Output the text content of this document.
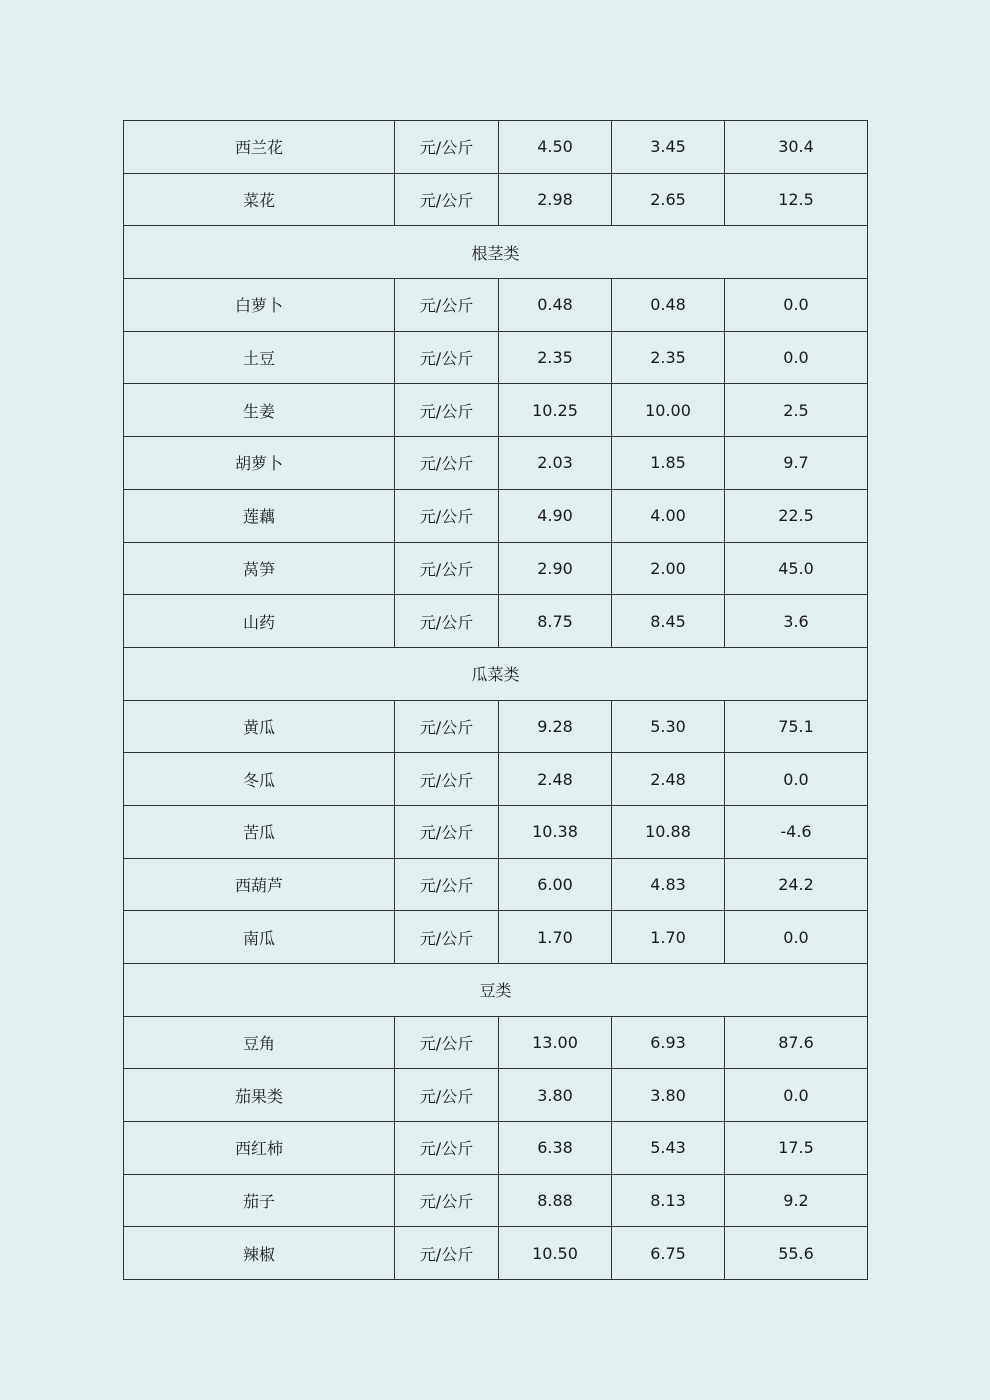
西兰花	元/公斤	4.50	3.45	30.4
菜花	元/公斤	2.98	2.65	12.5
根茎类				
白萝卜	元/公斤	0.48	0.48	0.0
土豆	元/公斤	2.35	2.35	0.0
生姜	元/公斤	10.25	10.00	2.5
胡萝卜	元/公斤	2.03	1.85	9.7
莲藕	元/公斤	4.90	4.00	22.5
莴笋	元/公斤	2.90	2.00	45.0
山药	元/公斤	8.75	8.45	3.6
瓜菜类				
黄瓜	元/公斤	9.28	5.30	75.1
冬瓜	元/公斤	2.48	2.48	0.0
苦瓜	元/公斤	10.38	10.88	-4.6
西葫芦	元/公斤	6.00	4.83	24.2
南瓜	元/公斤	1.70	1.70	0.0
豆类				
豆角	元/公斤	13.00	6.93	87.6
茄果类	元/公斤	3.80	3.80	0.0
西红柿	元/公斤	6.38	5.43	17.5
茄子	元/公斤	8.88	8.13	9.2
辣椒	元/公斤	10.50	6.75	55.6
